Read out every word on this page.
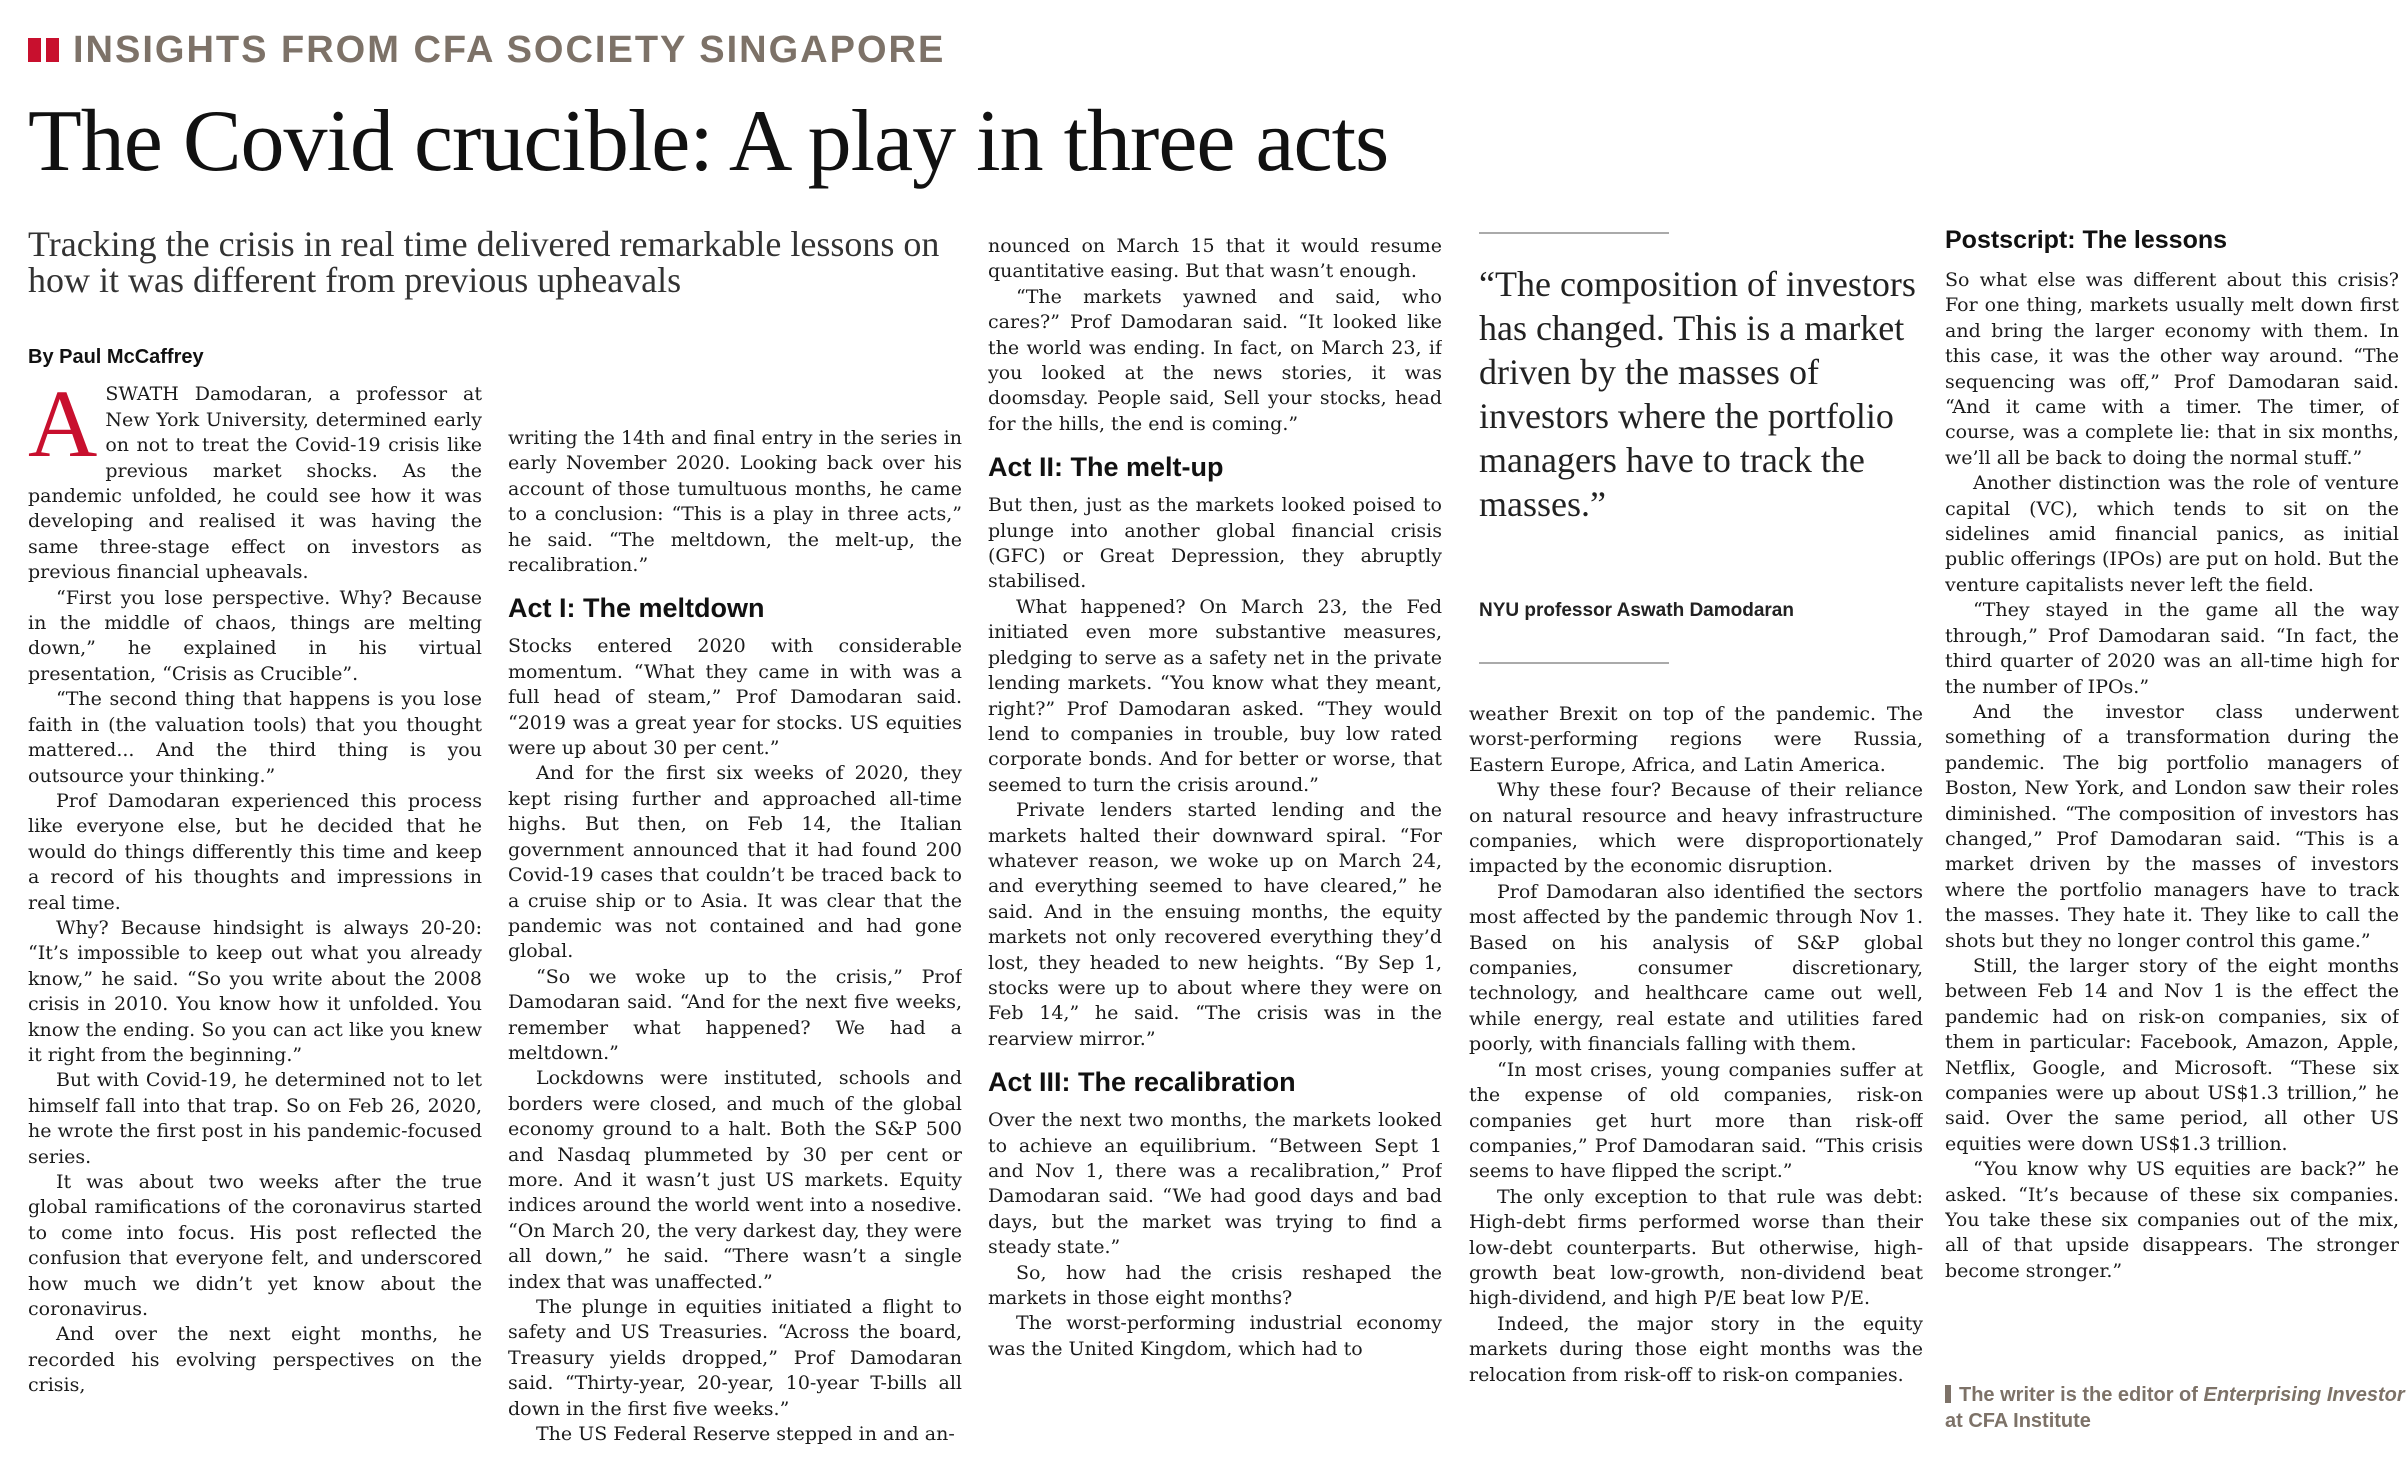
INSIGHTS FROM CFA SOCIETY SINGAPORE
The Covid crucible: A play in three acts
Tracking the crisis in real time delivered remarkable lessons on how it was different from previous upheavals
By Paul McCaffrey

ASWATH Damodaran, a professor at New York University, determined early on not to treat the Covid-19 crisis like previous market shocks. As the pandemic unfolded, he could see how it was developing and realised it was having the same three-stage effect on investors as previous financial upheavals.

“First you lose perspective. Why? Because in the middle of chaos, things are melting down,” he explained in his virtual presentation, “Crisis as Crucible”.

“The second thing that happens is you lose faith in (the valuation tools) that you thought mattered... And the third thing is you outsource your thinking.”

Prof Damodaran experienced this process like everyone else, but he decided that he would do things differently this time and keep a record of his thoughts and impressions in real time.

Why? Because hindsight is always 20-20: “It’s impossible to keep out what you already know,” he said. “So you write about the 2008 crisis in 2010. You know how it unfolded. You know the ending. So you can act like you knew it right from the beginning.”

But with Covid-19, he determined not to let himself fall into that trap. So on Feb 26, 2020, he wrote the first post in his pandemic-focused series.

It was about two weeks after the true global ramifications of the coronavirus started to come into focus. His post reflected the confusion that everyone felt, and underscored how much we didn’t yet know about the coronavirus.

And over the next eight months, he recorded his evolving perspectives on the crisis,

writing the 14th and final entry in the series in early November 2020. Looking back over his account of those tumultuous months, he came to a conclusion: “This is a play in three acts,” he said. “The meltdown, the melt-up, the recalibration.”

Act I: The meltdown

Stocks entered 2020 with considerable momentum. “What they came in with was a full head of steam,” Prof Damodaran said. “2019 was a great year for stocks. US equities were up about 30 per cent.”

And for the first six weeks of 2020, they kept rising further and approached all-time highs. But then, on Feb 14, the Italian government announced that it had found 200 Covid-19 cases that couldn’t be traced back to a cruise ship or to Asia. It was clear that the pandemic was not contained and had gone global.

“So we woke up to the crisis,” Prof Damodaran said. “And for the next five weeks, remember what happened? We had a meltdown.”

Lockdowns were instituted, schools and borders were closed, and much of the global economy ground to a halt. Both the S&P 500 and Nasdaq plummeted by 30 per cent or more. And it wasn’t just US markets. Equity indices around the world went into a nosedive. “On March 20, the very darkest day, they were all down,” he said. “There wasn’t a single index that was unaffected.”

The plunge in equities initiated a flight to safety and US Treasuries. “Across the board, Treasury yields dropped,” Prof Damodaran said. “Thirty-year, 20-year, 10-year T-bills all down in the first five weeks.”

The US Federal Reserve stepped in and an-

nounced on March 15 that it would resume quantitative easing. But that wasn’t enough.

“The markets yawned and said, who cares?” Prof Damodaran said. “It looked like the world was ending. In fact, on March 23, if you looked at the news stories, it was doomsday. People said, Sell your stocks, head for the hills, the end is coming.”

Act II: The melt-up

But then, just as the markets looked poised to plunge into another global financial crisis (GFC) or Great Depression, they abruptly stabilised.

What happened? On March 23, the Fed initiated even more substantive measures, pledging to serve as a safety net in the private lending markets. “You know what they meant, right?” Prof Damodaran asked. “They would lend to companies in trouble, buy low rated corporate bonds. And for better or worse, that seemed to turn the crisis around.”

Private lenders started lending and the markets halted their downward spiral. “For whatever reason, we woke up on March 24, and everything seemed to have cleared,” he said. And in the ensuing months, the equity markets not only recovered everything they’d lost, they headed to new heights. “By Sep 1, stocks were up to about where they were on Feb 14,” he said. “The crisis was in the rearview mirror.”

Act III: The recalibration

Over the next two months, the markets looked to achieve an equilibrium. “Between Sept 1 and Nov 1, there was a recalibration,” Prof Damodaran said. “We had good days and bad days, but the market was trying to find a steady state.”

So, how had the crisis reshaped the markets in those eight months?

The worst-performing industrial economy was the United Kingdom, which had to

“The composition of investors has changed. This is a market driven by the masses of investors where the portfolio managers have to track the masses.”
NYU professor Aswath Damodaran

weather Brexit on top of the pandemic. The worst-performing regions were Russia, Eastern Europe, Africa, and Latin America.

Why these four? Because of their reliance on natural resource and heavy infrastructure companies, which were disproportionately impacted by the economic disruption.

Prof Damodaran also identified the sectors most affected by the pandemic through Nov 1. Based on his analysis of S&P global companies, consumer discretionary, technology, and healthcare came out well, while energy, real estate and utilities fared poorly, with financials falling with them.

“In most crises, young companies suffer at the expense of old companies, risk-on companies get hurt more than risk-off companies,” Prof Damodaran said. “This crisis seems to have flipped the script.”

The only exception to that rule was debt: High-debt firms performed worse than their low-debt counterparts. But otherwise, high-growth beat low-growth, non-dividend beat high-dividend, and high P/E beat low P/E.

Indeed, the major story in the equity markets during those eight months was the relocation from risk-off to risk-on companies.

Postscript: The lessons

So what else was different about this crisis? For one thing, markets usually melt down first and bring the larger economy with them. In this case, it was the other way around. “The sequencing was off,” Prof Damodaran said. “And it came with a timer. The timer, of course, was a complete lie: that in six months, we’ll all be back to doing the normal stuff.”

Another distinction was the role of venture capital (VC), which tends to sit on the sidelines amid financial panics, as initial public offerings (IPOs) are put on hold. But the venture capitalists never left the field.

“They stayed in the game all the way through,” Prof Damodaran said. “In fact, the third quarter of 2020 was an all-time high for the number of IPOs.”

And the investor class underwent something of a transformation during the pandemic. The big portfolio managers of Boston, New York, and London saw their roles diminished. “The composition of investors has changed,” Prof Damodaran said. “This is a market driven by the masses of investors where the portfolio managers have to track the masses. They hate it. They like to call the shots but they no longer control this game.”

Still, the larger story of the eight months between Feb 14 and Nov 1 is the effect the pandemic had on risk-on companies, six of them in particular: Facebook, Amazon, Apple, Netflix, Google, and Microsoft. “These six companies were up about US$1.3 trillion,” he said. Over the same period, all other US equities were down US$1.3 trillion.

“You know why US equities are back?” he asked. “It’s because of these six companies. You take these six companies out of the mix, all of that upside disappears. The stronger become stronger.”

The writer is the editor of Enterprising Investor at CFA Institute
